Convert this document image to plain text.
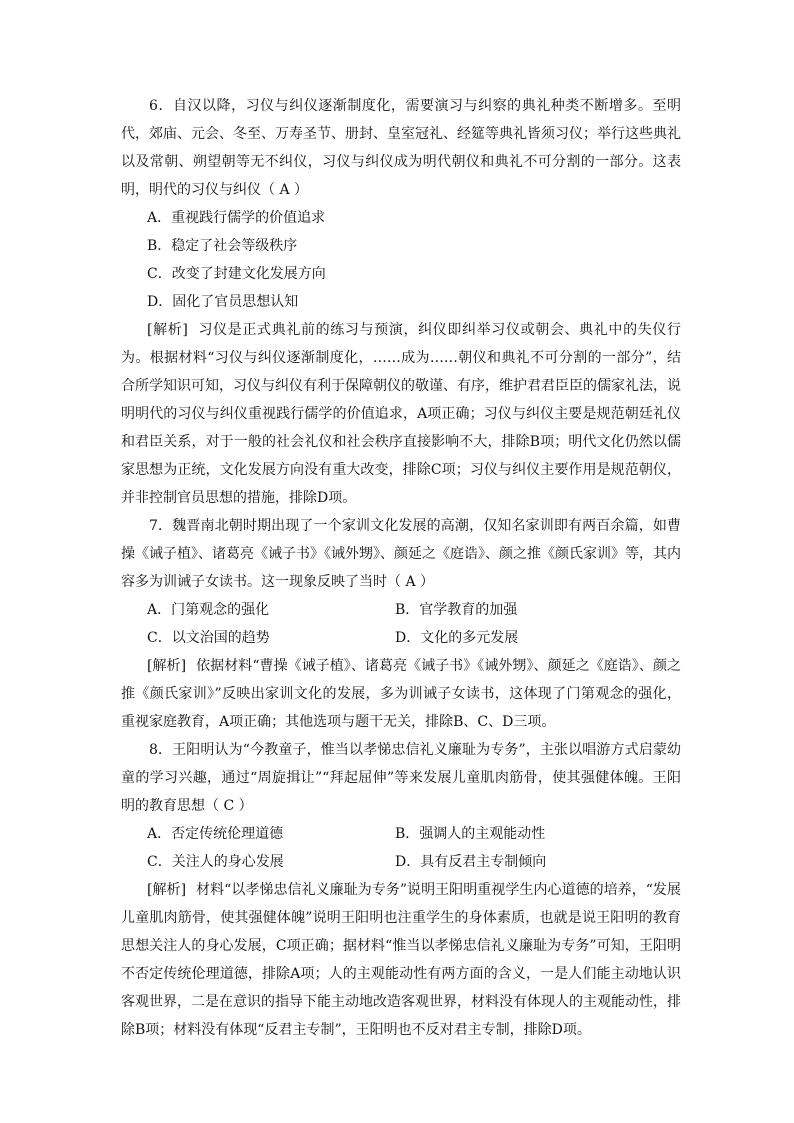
6．自汉以降，习仪与纠仪逐渐制度化，需要演习与纠察的典礼种类不断增多。至明代，郊庙、元会、冬至、万寿圣节、册封、皇室冠礼、经筵等典礼皆须习仪；举行这些典礼以及常朝、朔望朝等无不纠仪，习仪与纠仪成为明代朝仪和典礼不可分割的一部分。这表明，明代的习仪与纠仪（ A ）

A．重视践行儒学的价值追求

B．稳定了社会等级秩序

C．改变了封建文化发展方向

D．固化了官员思想认知

[解析] 习仪是正式典礼前的练习与预演，纠仪即纠举习仪或朝会、典礼中的失仪行为。根据材料“习仪与纠仪逐渐制度化，……成为……朝仪和典礼不可分割的一部分”，结合所学知识可知，习仪与纠仪有利于保障朝仪的敬谨、有序，维护君君臣臣的儒家礼法，说明明代的习仪与纠仪重视践行儒学的价值追求，A项正确；习仪与纠仪主要是规范朝廷礼仪和君臣关系，对于一般的社会礼仪和社会秩序直接影响不大，排除B项；明代文化仍然以儒家思想为正统，文化发展方向没有重大改变，排除C项；习仪与纠仪主要作用是规范朝仪，并非控制官员思想的措施，排除D项。

7．魏晋南北朝时期出现了一个家训文化发展的高潮，仅知名家训即有两百余篇，如曹操《诫子植》、诸葛亮《诫子书》《诫外甥》、颜延之《庭诰》、颜之推《颜氏家训》等，其内容多为训诫子女读书。这一现象反映了当时（ A ）

A．门第观念的强化	B．官学教育的加强
C．以文治国的趋势	D．文化的多元发展

[解析] 依据材料“曹操《诫子植》、诸葛亮《诫子书》《诫外甥》、颜延之《庭诰》、颜之推《颜氏家训》”反映出家训文化的发展，多为训诫子女读书，这体现了门第观念的强化，重视家庭教育，A项正确；其他选项与题干无关，排除B、C、D三项。

8．王阳明认为“今教童子，惟当以孝悌忠信礼义廉耻为专务”，主张以唱游方式启蒙幼童的学习兴趣，通过“周旋揖让”“拜起屈伸”等来发展儿童肌肉筋骨，使其强健体魄。王阳明的教育思想（ C ）

A．否定传统伦理道德	B．强调人的主观能动性
C．关注人的身心发展	D．具有反君主专制倾向

[解析] 材料“以孝悌忠信礼义廉耻为专务”说明王阳明重视学生内心道德的培养，“发展儿童肌肉筋骨，使其强健体魄”说明王阳明也注重学生的身体素质，也就是说王阳明的教育思想关注人的身心发展，C项正确；据材料“惟当以孝悌忠信礼义廉耻为专务”可知，王阳明不否定传统伦理道德，排除A项；人的主观能动性有两方面的含义，一是人们能主动地认识客观世界，二是在意识的指导下能主动地改造客观世界，材料没有体现人的主观能动性，排除B项；材料没有体现“反君主专制”，王阳明也不反对君主专制，排除D项。
